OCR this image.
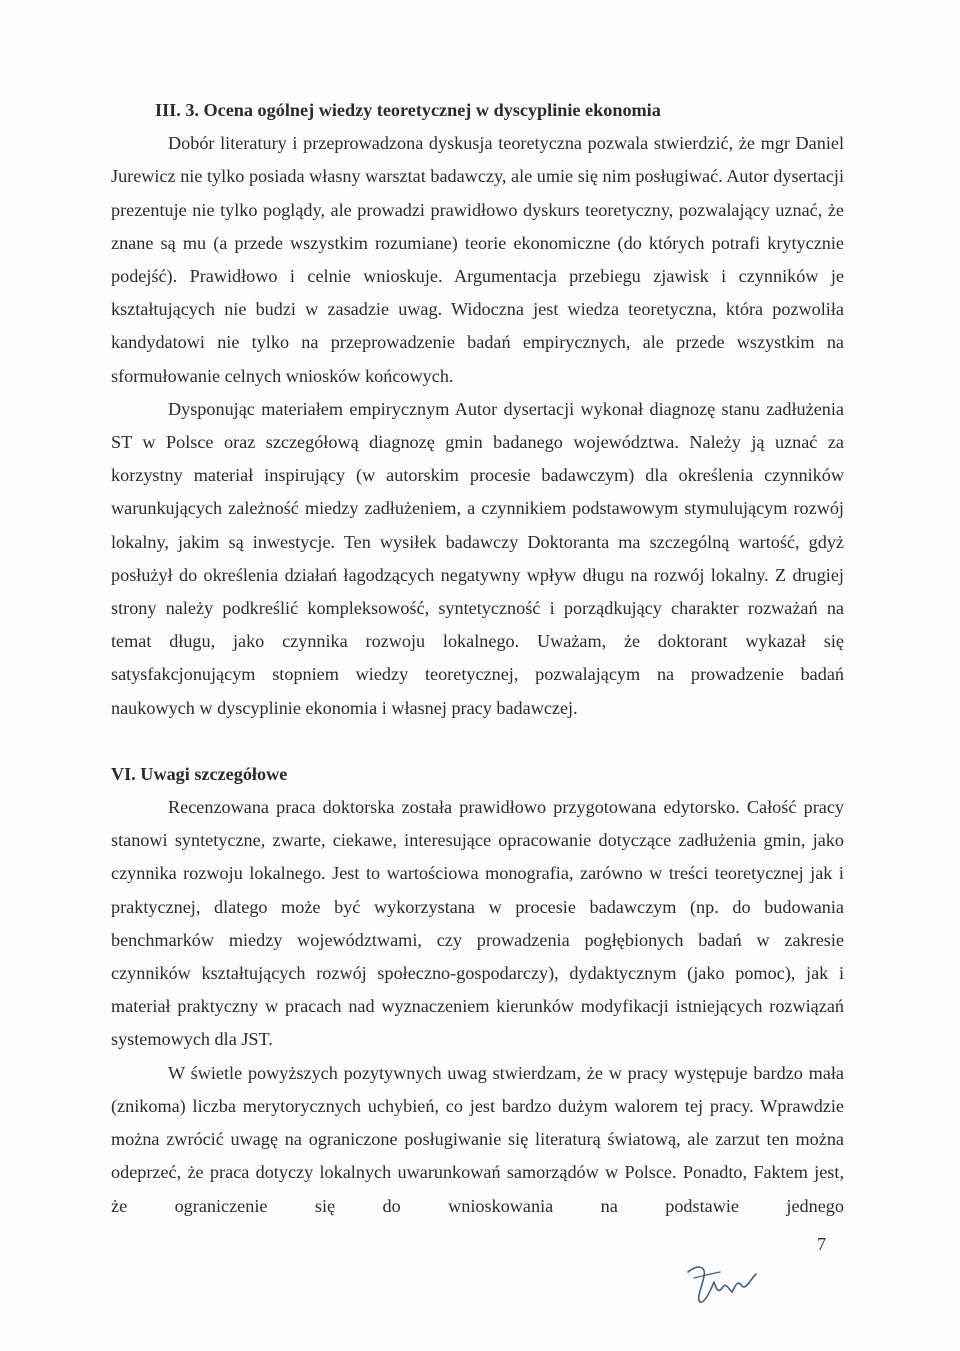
III. 3. Ocena ogólnej wiedzy teoretycznej w dyscyplinie ekonomia

Dobór literatury i przeprowadzona dyskusja teoretyczna pozwala stwierdzić, że mgr Daniel Jurewicz nie tylko posiada własny warsztat badawczy, ale umie się nim posługiwać. Autor dysertacji prezentuje nie tylko poglądy, ale prowadzi prawidłowo dyskurs teoretyczny, pozwalający uznać, że znane są mu (a przede wszystkim rozumiane) teorie ekonomiczne (do których potrafi krytycznie podejść). Prawidłowo i celnie wnioskuje. Argumentacja przebiegu zjawisk i czynników je kształtujących nie budzi w zasadzie uwag. Widoczna jest wiedza teoretyczna, która pozwoliła kandydatowi nie tylko na przeprowadzenie badań empirycznych, ale przede wszystkim na sformułowanie celnych wniosków końcowych.

Dysponując materiałem empirycznym Autor dysertacji wykonał diagnozę stanu zadłużenia ST w Polsce oraz szczegółową diagnozę gmin badanego województwa. Należy ją uznać za korzystny materiał inspirujący (w autorskim procesie badawczym) dla określenia czynników warunkujących zależność miedzy zadłużeniem, a czynnikiem podstawowym stymulującym rozwój lokalny, jakim są inwestycje. Ten wysiłek badawczy Doktoranta ma szczególną wartość, gdyż posłużył do określenia działań łagodzących negatywny wpływ długu na rozwój lokalny. Z drugiej strony należy podkreślić kompleksowość, syntetyczność i porządkujący charakter rozważań na temat długu, jako czynnika rozwoju lokalnego. Uważam, że doktorant wykazał się satysfakcjonującym stopniem wiedzy teoretycznej, pozwalającym na prowadzenie badań naukowych w dyscyplinie ekonomia i własnej pracy badawczej.

VI. Uwagi szczegółowe

Recenzowana praca doktorska została prawidłowo przygotowana edytorsko. Całość pracy stanowi syntetyczne, zwarte, ciekawe, interesujące opracowanie dotyczące zadłużenia gmin, jako czynnika rozwoju lokalnego. Jest to wartościowa monografia, zarówno w treści teoretycznej jak i praktycznej, dlatego może być wykorzystana w procesie badawczym (np. do budowania benchmarków miedzy województwami, czy prowadzenia pogłębionych badań w zakresie czynników kształtujących rozwój społeczno-gospodarczy), dydaktycznym (jako pomoc), jak i materiał praktyczny w pracach nad wyznaczeniem kierunków modyfikacji istniejących rozwiązań systemowych dla JST.

W świetle powyższych pozytywnych uwag stwierdzam, że w pracy występuje bardzo mała (znikoma) liczba merytorycznych uchybień, co jest bardzo dużym walorem tej pracy. Wprawdzie można zwrócić uwagę na ograniczone posługiwanie się literaturą światową, ale zarzut ten można odeprzeć, że praca dotyczy lokalnych uwarunkowań samorządów w Polsce. Ponadto, Faktem jest, że ograniczenie się do wnioskowania na podstawie jednego

7
